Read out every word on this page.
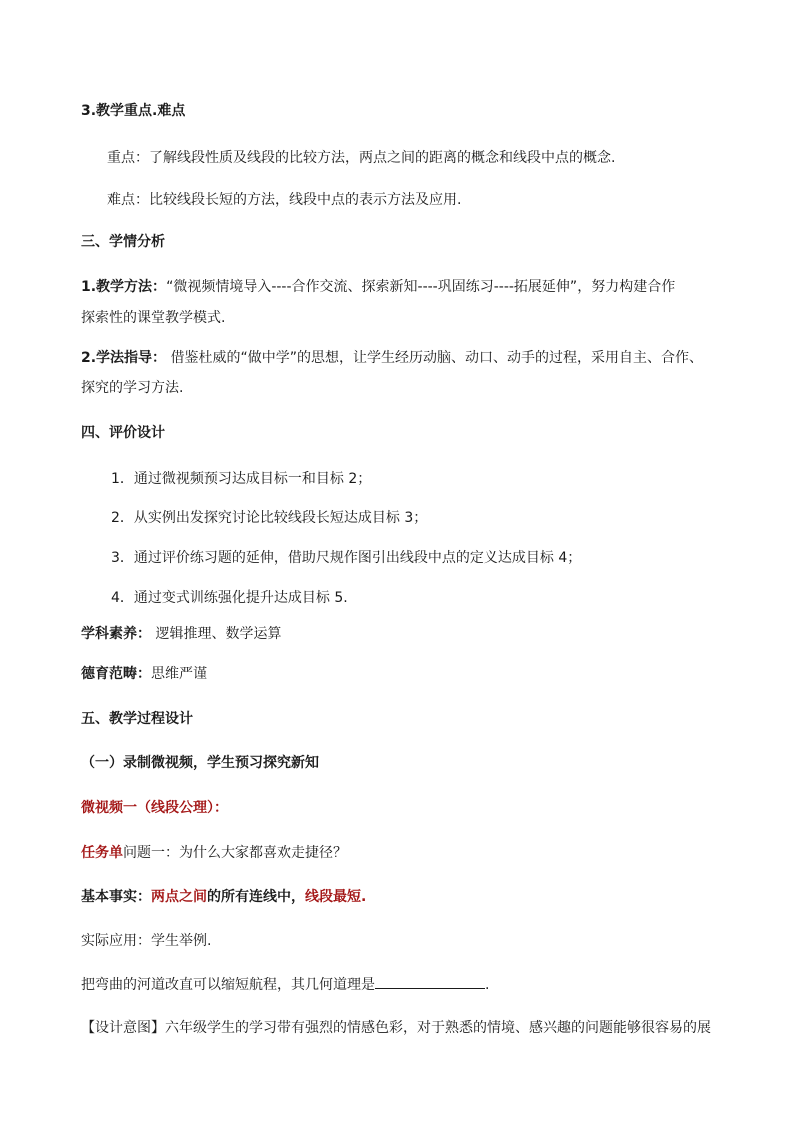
3.教学重点.难点
重点：了解线段性质及线段的比较方法，两点之间的距离的概念和线段中点的概念.
难点：比较线段长短的方法，线段中点的表示方法及应用.
三、学情分析
1.教学方法：“微视频情境导入----合作交流、探索新知----巩固练习----拓展延伸”，努力构建合作
探索性的课堂教学模式.
2.学法指导： 借鉴杜威的“做中学”的思想，让学生经历动脑、动口、动手的过程，采用自主、合作、
探究的学习方法.
四、评价设计
1．通过微视频预习达成目标一和目标 2；
2．从实例出发探究讨论比较线段长短达成目标 3；
3．通过评价练习题的延伸，借助尺规作图引出线段中点的定义达成目标 4；
4．通过变式训练强化提升达成目标 5.
学科素养： 逻辑推理、数学运算
德育范畴：思维严谨
五、教学过程设计
（一）录制微视频，学生预习探究新知
微视频一（线段公理）：
任务单问题一：为什么大家都喜欢走捷径？
基本事实：两点之间的所有连线中，线段最短.
实际应用：学生举例.
把弯曲的河道改直可以缩短航程，其几何道理是	.
【设计意图】六年级学生的学习带有强烈的情感色彩，对于熟悉的情境、感兴趣的问题能够很容易的展
